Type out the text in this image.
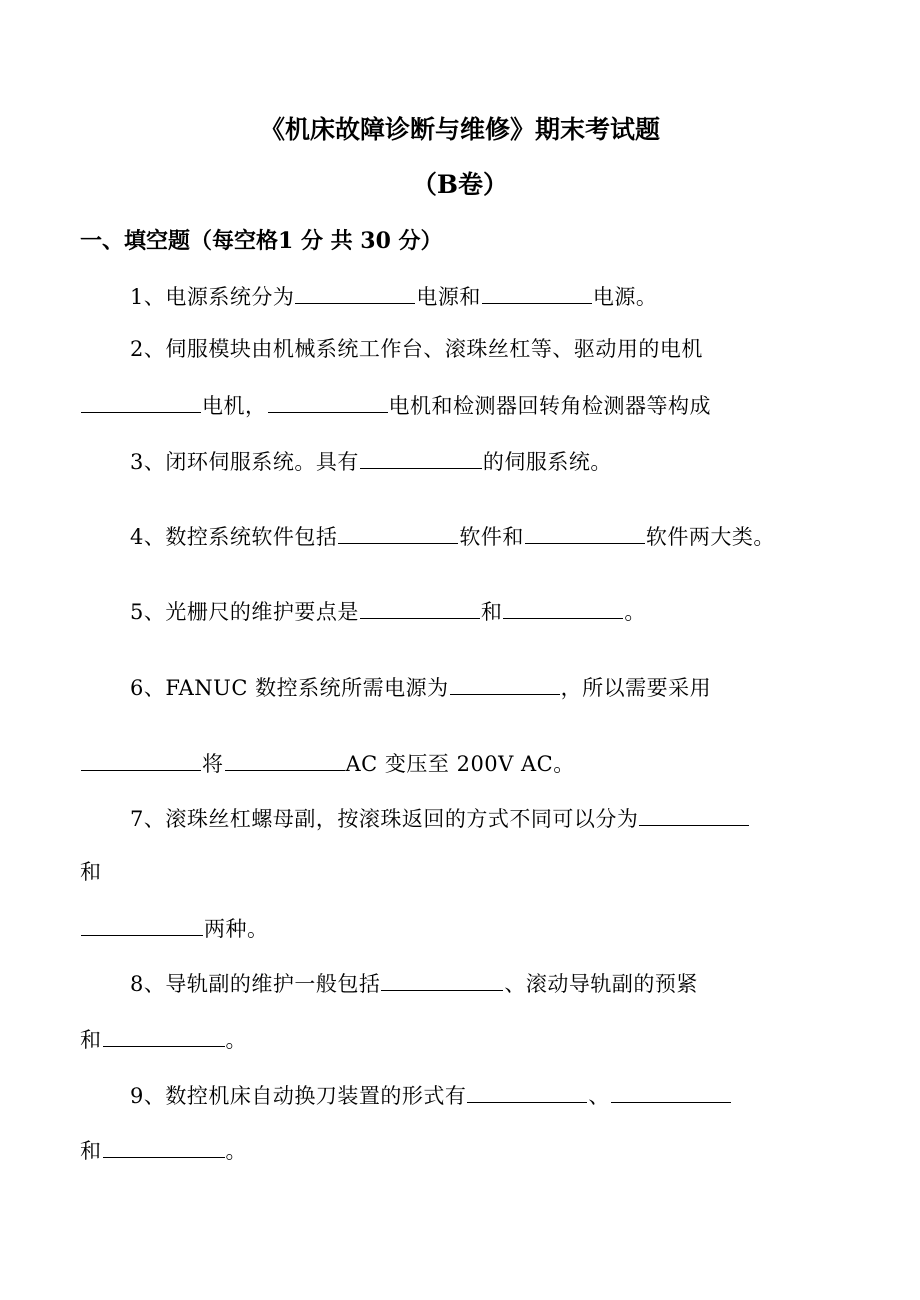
《机床故障诊断与维修》期末考试题
（B卷）
一、填空题（每空格1 分 共 30 分）
1、电源系统分为	电源和	电源。
2、伺服模块由机械系统工作台、滚珠丝杠等、驱动用的电机
电机，	电机和检测器回转角检测器等构成
3、闭环伺服系统。具有	的伺服系统。
4、数控系统软件包括	软件和	软件两大类。
5、光栅尺的维护要点是	和	。
6、FANUC 数控系统所需电源为	，所以需要采用
将	AC 变压至 200V AC。
7、滚珠丝杠螺母副，按滚珠返回的方式不同可以分为
和
两种。
8、导轨副的维护一般包括	、滚动导轨副的预紧
和	。
9、数控机床自动换刀装置的形式有	、
和	。
